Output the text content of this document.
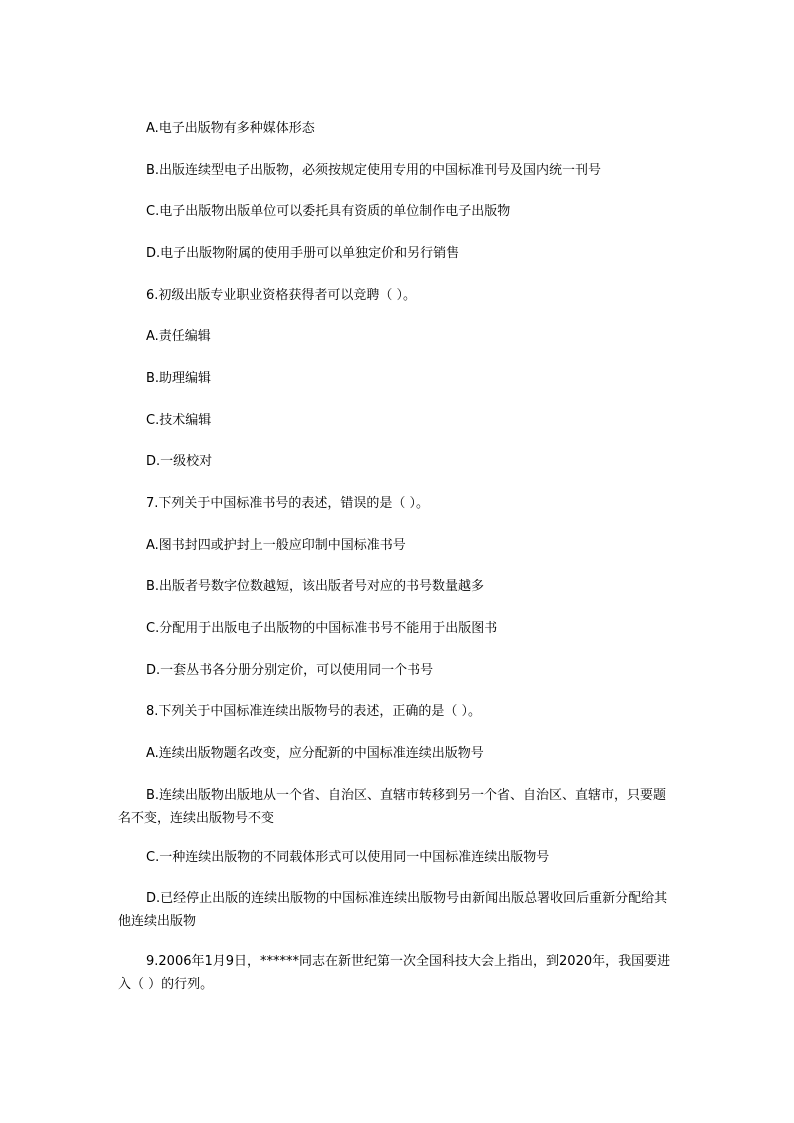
A.电子出版物有多种媒体形态

B.出版连续型电子出版物，必须按规定使用专用的中国标准刊号及国内统一刊号

C.电子出版物出版单位可以委托具有资质的单位制作电子出版物

D.电子出版物附属的使用手册可以单独定价和另行销售

6.初级出版专业职业资格获得者可以竞聘（ ）。

A.责任编辑

B.助理编辑

C.技术编辑

D.一级校对

7.下列关于中国标准书号的表述，错误的是（ ）。

A.图书封四或护封上一般应印制中国标准书号

B.出版者号数字位数越短，该出版者号对应的书号数量越多

C.分配用于出版电子出版物的中国标准书号不能用于出版图书

D.一套丛书各分册分别定价，可以使用同一个书号

8.下列关于中国标准连续出版物号的表述，正确的是（ ）。

A.连续出版物题名改变，应分配新的中国标准连续出版物号

B.连续出版物出版地从一个省、自治区、直辖市转移到另一个省、自治区、直辖市，只要题名不变，连续出版物号不变

C.一种连续出版物的不同载体形式可以使用同一中国标准连续出版物号

D.已经停止出版的连续出版物的中国标准连续出版物号由新闻出版总署收回后重新分配给其他连续出版物

9.2006年1月9日，******同志在新世纪第一次全国科技大会上指出，到2020年，我国要进入（ ）的行列。
